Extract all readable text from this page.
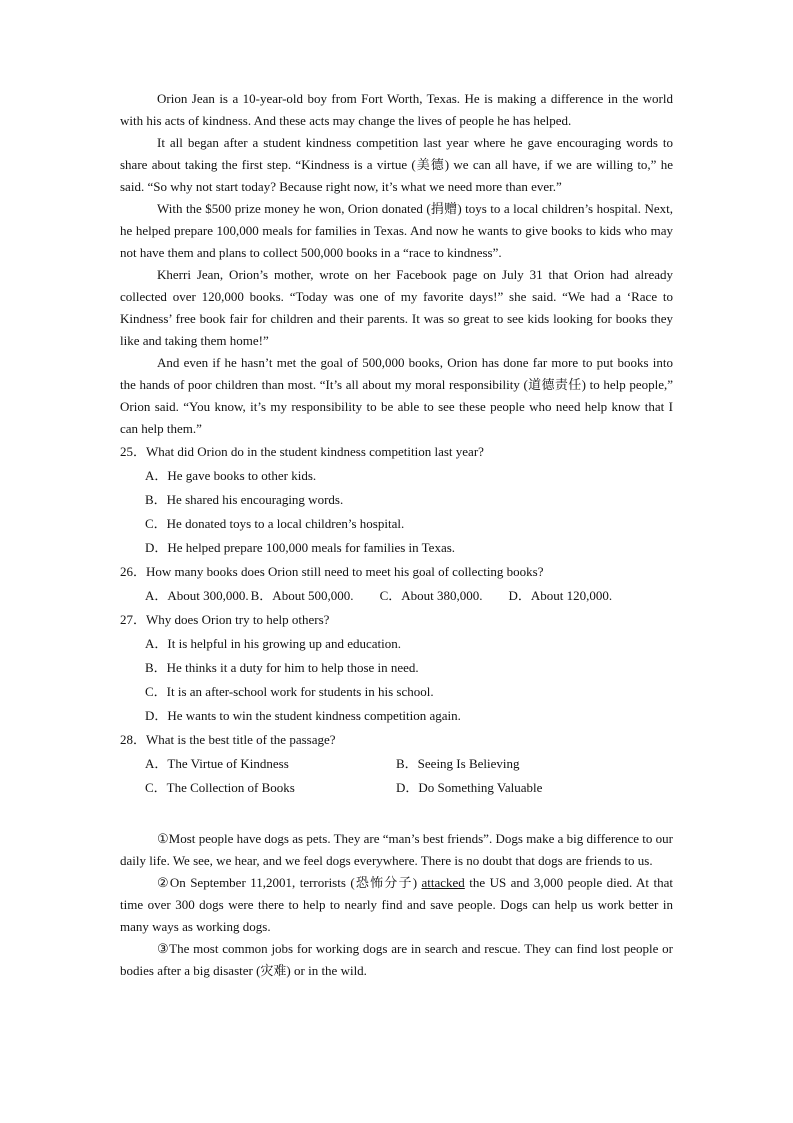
Orion Jean is a 10-year-old boy from Fort Worth, Texas. He is making a difference in the world with his acts of kindness. And these acts may change the lives of people he has helped.

It all began after a student kindness competition last year where he gave encouraging words to share about taking the first step. “Kindness is a virtue (美德) we can all have, if we are willing to,” he said. “So why not start today? Because right now, it’s what we need more than ever.”

With the $500 prize money he won, Orion donated (捐赠) toys to a local children’s hospital. Next, he helped prepare 100,000 meals for families in Texas. And now he wants to give books to kids who may not have them and plans to collect 500,000 books in a “race to kindness”.

Kherri Jean, Orion’s mother, wrote on her Facebook page on July 31 that Orion had already collected over 120,000 books. “Today was one of my favorite days!” she said. “We had a ‘Race to Kindness’ free book fair for children and their parents. It was so great to see kids looking for books they like and taking them home!”

And even if he hasn’t met the goal of 500,000 books, Orion has done far more to put books into the hands of poor children than most. “It’s all about my moral responsibility (道德责任) to help people,” Orion said. “You know, it’s my responsibility to be able to see these people who need help know that I can help them.”

25．What did Orion do in the student kindness competition last year?

A．He gave books to other kids.

B．He shared his encouraging words.

C．He donated toys to a local children’s hospital.

D．He helped prepare 100,000 meals for families in Texas.

26．How many books does Orion still need to meet his goal of collecting books?

A．About 300,000. B．About 500,000. C．About 380,000. D．About 120,000.

27．Why does Orion try to help others?

A．It is helpful in his growing up and education.

B．He thinks it a duty for him to help those in need.

C．It is an after-school work for students in his school.

D．He wants to win the student kindness competition again.

28．What is the best title of the passage?

A．The Virtue of Kindness	B．Seeing Is Believing
C．The Collection of Books	D．Do Something Valuable

①Most people have dogs as pets. They are “man’s best friends”. Dogs make a big difference to our daily life. We see, we hear, and we feel dogs everywhere. There is no doubt that dogs are friends to us.

②On September 11,2001, terrorists (恐怖分子) attacked the US and 3,000 people died. At that time over 300 dogs were there to help to nearly find and save people. Dogs can help us work better in many ways as working dogs.

③The most common jobs for working dogs are in search and rescue. They can find lost people or bodies after a big disaster (灾难) or in the wild.
